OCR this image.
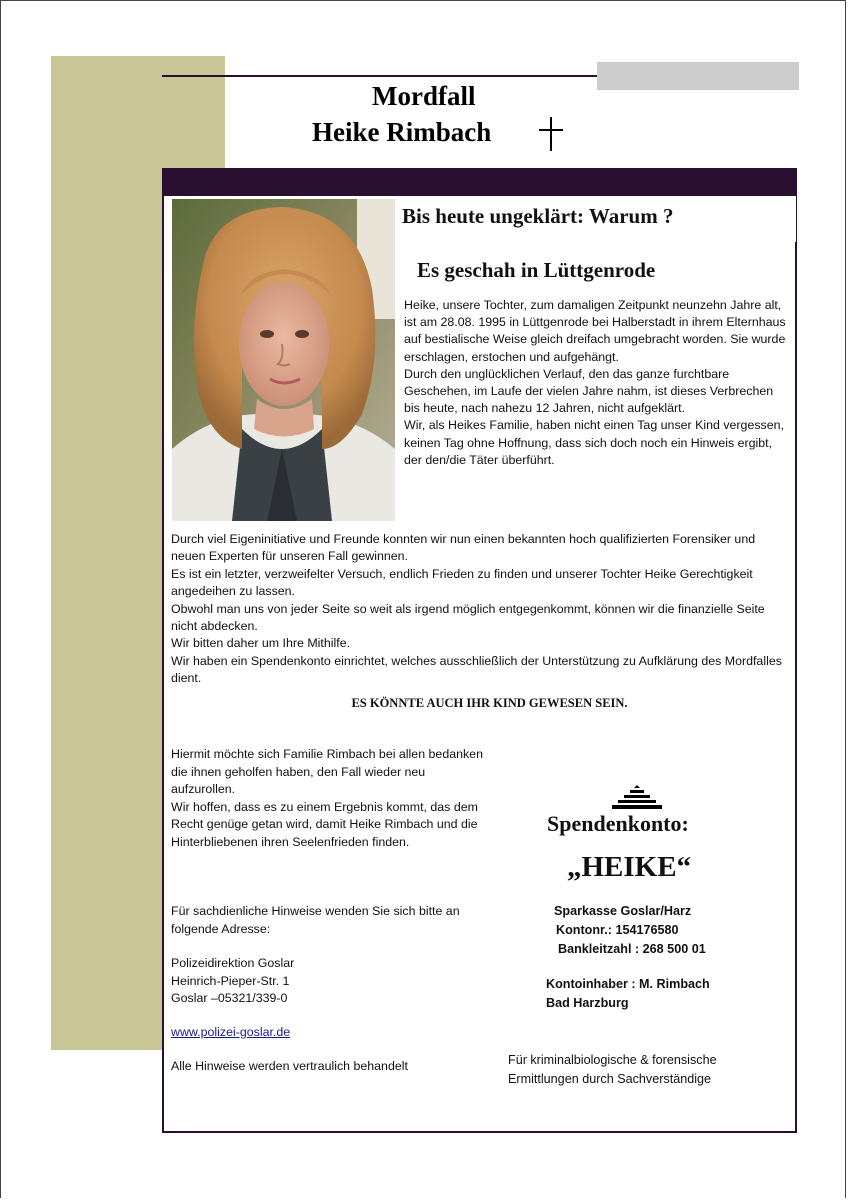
Mordfall
Heike Rimbach
Bis heute ungeklärt: Warum ?
Es geschah in Lüttgenrode

Heike, unsere Tochter, zum damaligen Zeitpunkt neunzehn Jahre alt, ist am 28.08. 1995 in Lüttgenrode bei Halberstadt in ihrem Elternhaus auf bestialische Weise gleich dreifach umgebracht worden. Sie wurde erschlagen, erstochen und aufgehängt.

Durch den unglücklichen Verlauf, den das ganze furchtbare Geschehen, im Laufe der vielen Jahre nahm, ist dieses Verbrechen bis heute, nach nahezu 12 Jahren, nicht aufgeklärt.

Wir, als Heikes Familie, haben nicht einen Tag unser Kind vergessen, keinen Tag ohne Hoffnung, dass sich doch noch ein Hinweis ergibt, der den/die Täter überführt.

Durch viel Eigeninitiative und Freunde konnten wir nun einen bekannten hoch qualifizierten Forensiker und neuen Experten für unseren Fall gewinnen.

Es ist ein letzter, verzweifelter Versuch, endlich Frieden zu finden und unserer Tochter Heike Gerechtigkeit angedeihen zu lassen.

Obwohl man uns von jeder Seite so weit als irgend möglich entgegenkommt, können wir die finanzielle Seite nicht abdecken.

Wir bitten daher um Ihre Mithilfe.

Wir haben ein Spendenkonto einrichtet, welches ausschließlich der Unterstützung zu Aufklärung des Mordfalles dient.

ES KÖNNTE AUCH IHR KIND GEWESEN SEIN.

Hiermit möchte sich Familie Rimbach bei allen bedanken die ihnen geholfen haben, den Fall wieder neu aufzurollen.

Wir hoffen, dass es zu einem Ergebnis kommt, das dem Recht genüge getan wird, damit Heike Rimbach und die Hinterbliebenen ihren Seelenfrieden finden.

Für sachdienliche Hinweise wenden Sie sich bitte an folgende Adresse:

Polizeidirektion Goslar

Heinrich-Pieper-Str. 1

Goslar –05321/339-0

www.polizei-goslar.de
Alle Hinweise werden vertraulich behandelt
Spendenkonto:
„HEIKE“
Sparkasse Goslar/Harz
Kontonr.: 154176580
Bankleitzahl : 268 500 01
Kontoinhaber : M. Rimbach
Bad Harzburg
Für kriminalbiologische & forensische Ermittlungen durch Sachverständige
